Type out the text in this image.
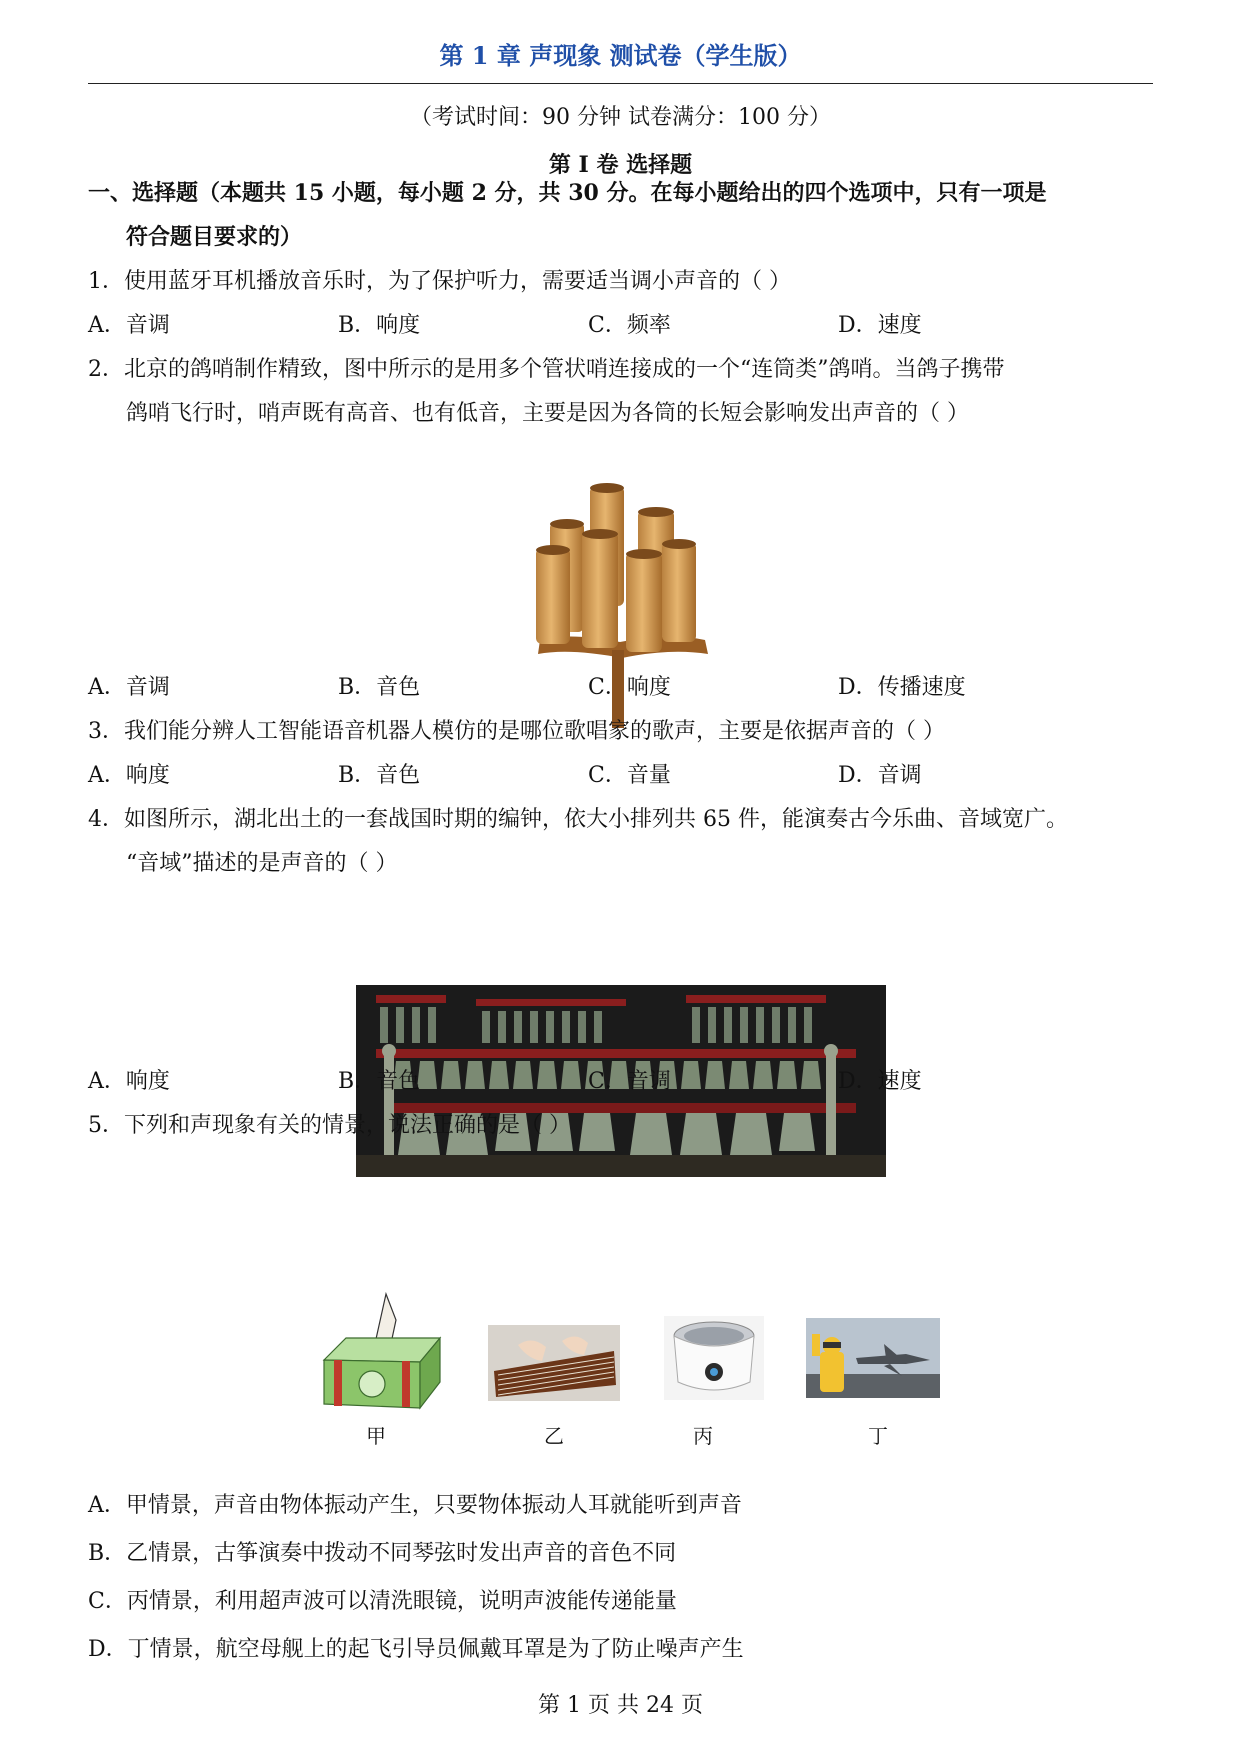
第 1 章 声现象 测试卷（学生版）
（考试时间：90 分钟 试卷满分：100 分）
第 I 卷 选择题
一、选择题（本题共 15 小题，每小题 2 分，共 30 分。在每小题给出的四个选项中，只有一项是
符合题目要求的）
1．使用蓝牙耳机播放音乐时，为了保护听力，需要适当调小声音的（ ）
A．音调	B．响度	C．频率	D．速度
2．北京的鸽哨制作精致，图中所示的是用多个管状哨连接成的一个“连筒类”鸽哨。当鸽子携带
鸽哨飞行时，哨声既有高音、也有低音，主要是因为各筒的长短会影响发出声音的（ ）
A．音调	B．音色	C．响度	D．传播速度
3．我们能分辨人工智能语音机器人模仿的是哪位歌唱家的歌声，主要是依据声音的（ ）
A．响度	B．音色	C．音量	D．音调
4．如图所示，湖北出土的一套战国时期的编钟，依大小排列共 65 件，能演奏古今乐曲、音域宽广。
“音域”描述的是声音的（ ）
A．响度	B．音色	C．音调	D．速度
5．下列和声现象有关的情景，说法正确的是（ ）
甲	乙	丙	丁
A．甲情景，声音由物体振动产生，只要物体振动人耳就能听到声音
B．乙情景，古筝演奏中拨动不同琴弦时发出声音的音色不同
C．丙情景，利用超声波可以清洗眼镜，说明声波能传递能量
D．丁情景，航空母舰上的起飞引导员佩戴耳罩是为了防止噪声产生
第 1 页 共 24 页
